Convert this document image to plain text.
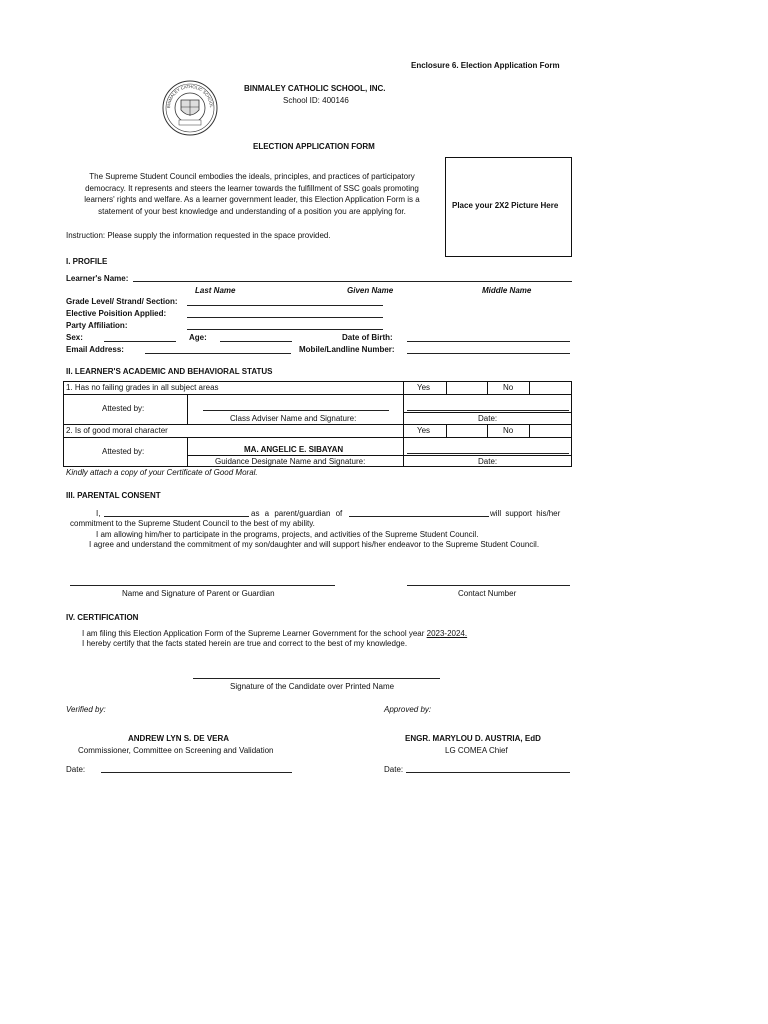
Enclosure 6. Election Application Form
BINMALEY CATHOLIC SCHOOL
BINMALEY CATHOLIC SCHOOL, INC.
School ID: 400146
ELECTION APPLICATION FORM
The Supreme Student Council embodies the ideals, principles, and practices of participatory
democracy. It represents and steers the learner towards the fulfillment of SSC goals promoting
learners' rights and welfare. As a learner government leader, this Election Application Form is a
statement of your best knowledge and understanding of a position you are applying for.
Place your 2X2 Picture Here
Instruction: Please supply the information requested in the space provided.
I. PROFILE
Learner's Name:
Last Name	Given Name	Middle Name
Grade Level/ Strand/ Section:
Elective Poisition Applied:
Party Affiliation:
Sex:	Age:	Date of Birth:
Email Address:	Mobile/Landline Number:
II. LEARNER'S ACADEMIC AND BEHAVIORAL STATUS
1. Has no failing grades in all subject areas	Yes	No
Attested by:
Class Adviser Name and Signature:	Date:
2. Is of good moral character	Yes	No
Attested by:	MA. ANGELIC E. SIBAYAN
Guidance Designate Name and Signature:	Date:
Kindly attach a copy of your Certificate of Good Moral.
III. PARENTAL CONSENT
I,	as a parent/guardian of	will support his/her
commitment to the Supreme Student Council to the best of my ability.
I am allowing him/her to participate in the programs, projects, and activities of the Supreme Student Council.
I agree and understand the commitment of my son/daughter and will support his/her endeavor to the Supreme Student Council.
Name and Signature of Parent or Guardian	Contact Number
IV. CERTIFICATION
I am filing this Election Application Form of the Supreme Learner Government for the school year 2023-2024.
I hereby certify that the facts stated herein are true and correct to the best of my knowledge.
Signature of the Candidate over Printed Name
Verified by:	Approved by:
ANDREW LYN S. DE VERA
Commissioner, Committee on Screening and Validation
ENGR. MARYLOU D. AUSTRIA, EdD
LG COMEA Chief
Date:	Date:
